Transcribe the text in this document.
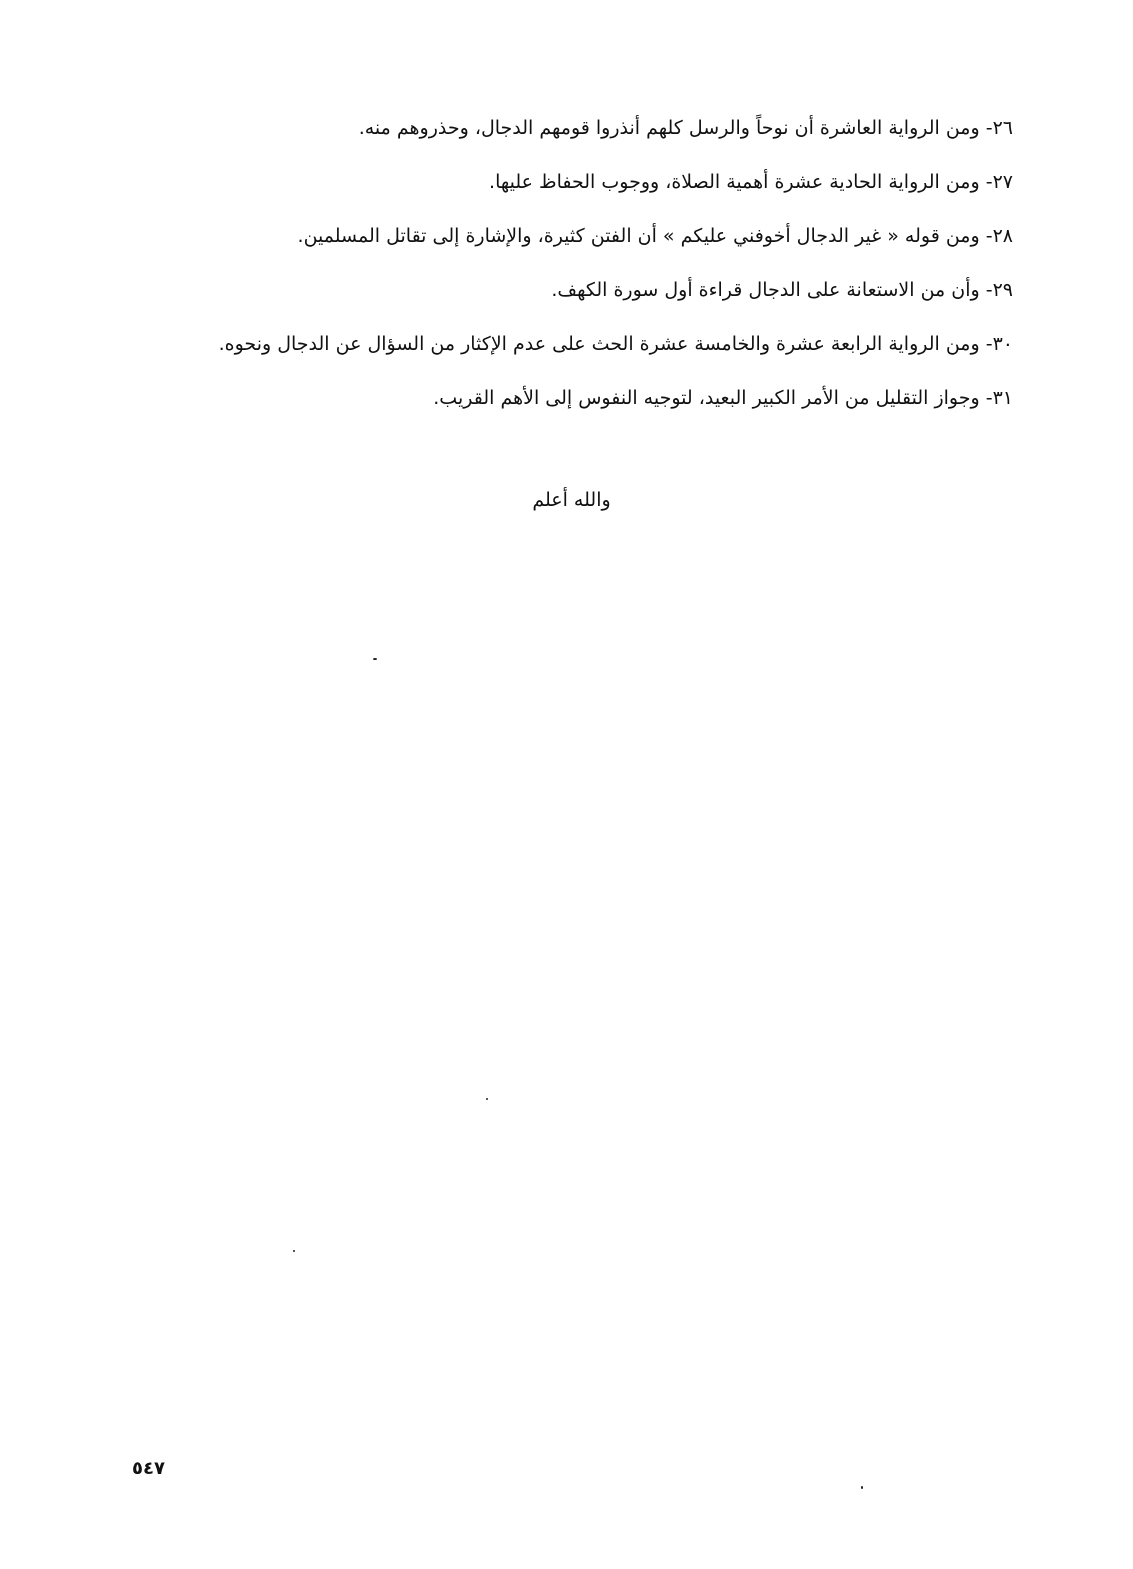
٢٦- ومن الرواية العاشرة أن نوحاً والرسل كلهم أنذروا قومهم الدجال، وحذروهم منه.
٢٧- ومن الرواية الحادية عشرة أهمية الصلاة، ووجوب الحفاظ عليها.
٢٨- ومن قوله « غير الدجال أخوفني عليكم » أن الفتن كثيرة، والإشارة إلى تقاتل المسلمين.
٢٩- وأن من الاستعانة على الدجال قراءة أول سورة الكهف.
٣٠- ومن الرواية الرابعة عشرة والخامسة عشرة الحث على عدم الإكثار من السؤال عن الدجال ونحوه.
٣١- وجواز التقليل من الأمر الكبير البعيد، لتوجيه النفوس إلى الأهم القريب.
والله أعلم
٥٤٧
